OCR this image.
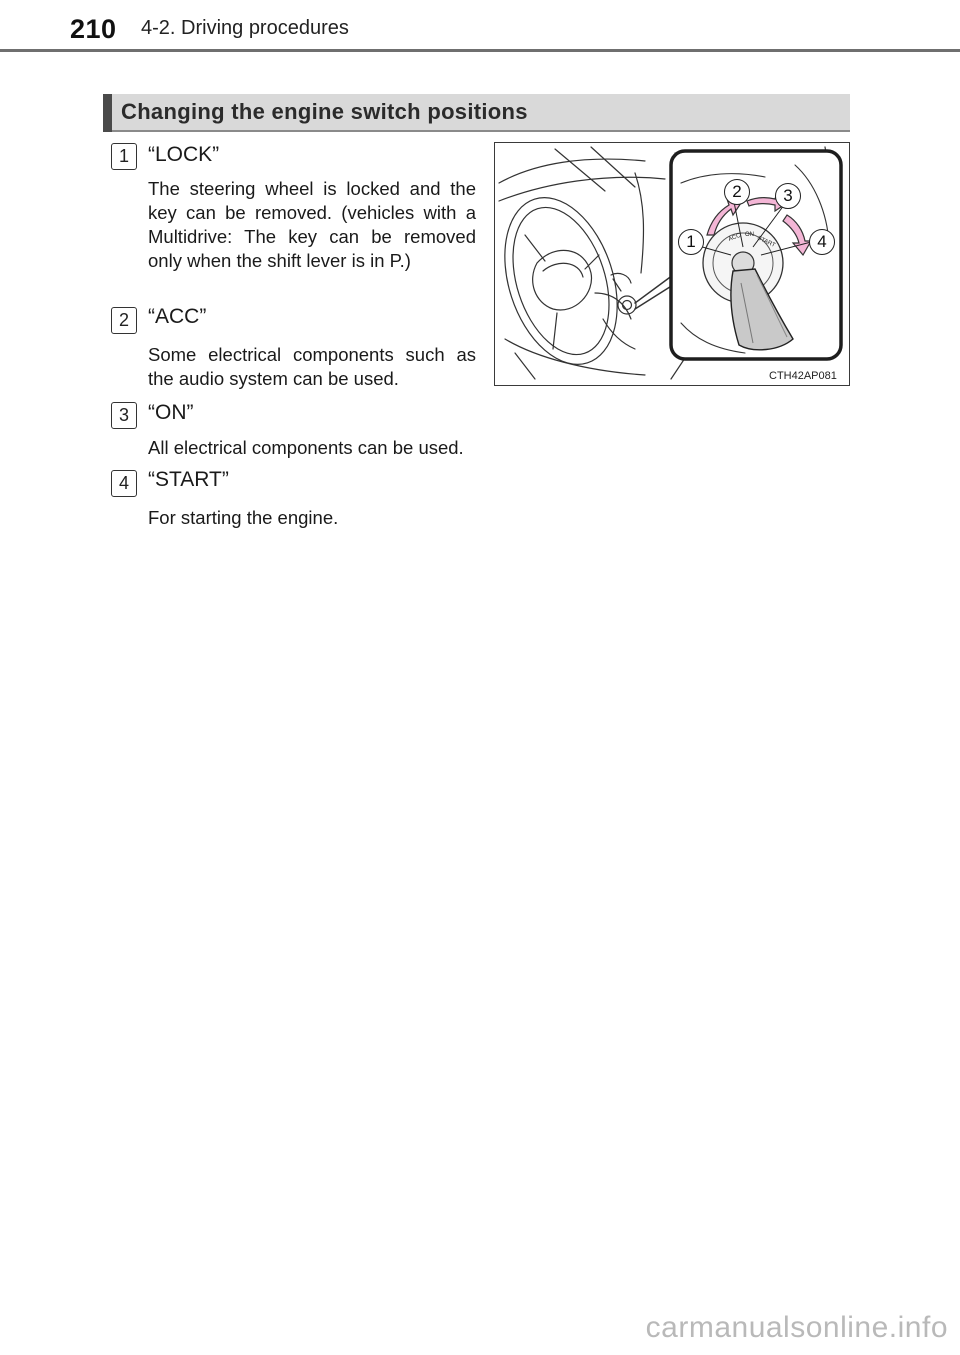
210 4-2. Driving procedures
Changing the engine switch positions
1 “LOCK”
The steering wheel is locked and the key can be removed. (vehicles with a Multidrive: The key can be removed only when the shift lever is in P.)
2 “ACC”
Some electrical components such as the audio system can be used.
3 “ON”
All electrical components can be used.
4 “START”
For starting the engine.
ACC ON
START
CTH42AP081
1
2	3
4
carmanualsonline.info
